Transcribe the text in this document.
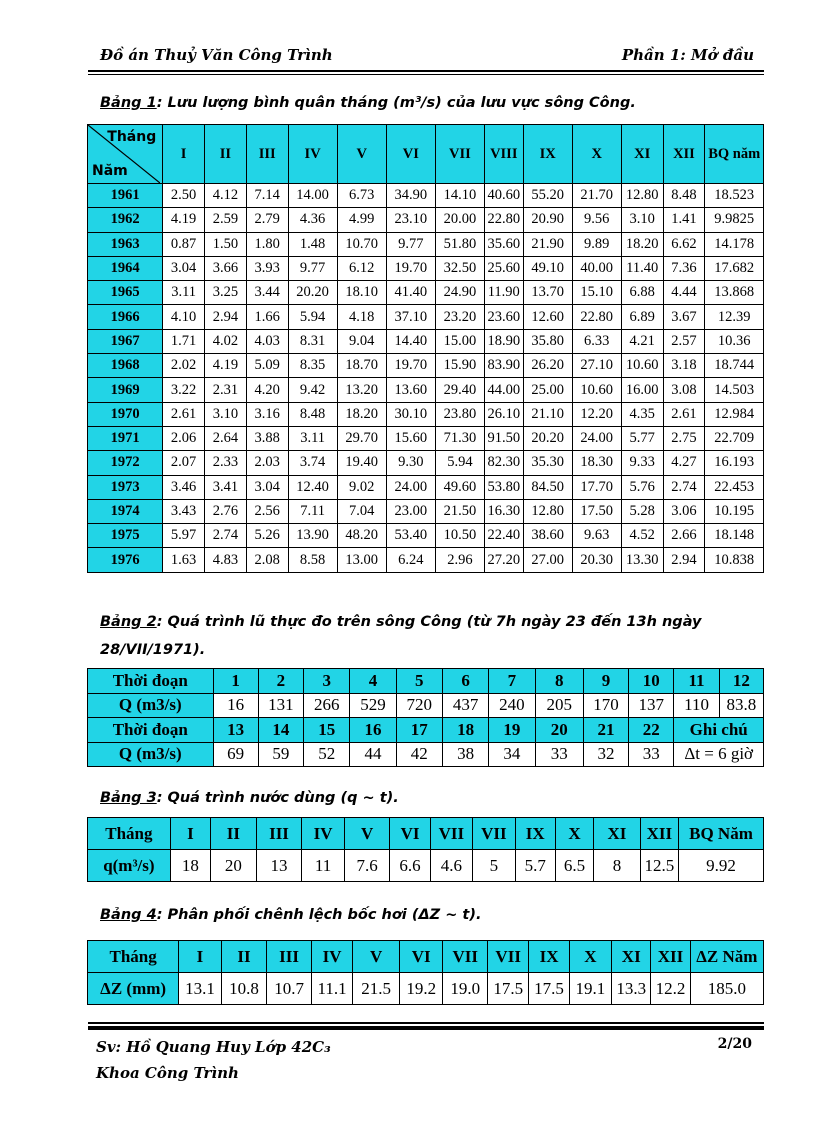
Đồ án Thuỷ Văn Công Trình	Phần 1: Mở đầu
Bảng 1: Lưu lượng bình quân tháng (m³/s) của lưu vực sông Công.
Tháng
Năm	I	II	III	IV	V	VI	VII	VIII	IX	X	XI	XII	BQ năm
1961	2.50	4.12	7.14	14.00	6.73	34.90	14.10	40.60	55.20	21.70	12.80	8.48	18.523
1962	4.19	2.59	2.79	4.36	4.99	23.10	20.00	22.80	20.90	9.56	3.10	1.41	9.9825
1963	0.87	1.50	1.80	1.48	10.70	9.77	51.80	35.60	21.90	9.89	18.20	6.62	14.178
1964	3.04	3.66	3.93	9.77	6.12	19.70	32.50	25.60	49.10	40.00	11.40	7.36	17.682
1965	3.11	3.25	3.44	20.20	18.10	41.40	24.90	11.90	13.70	15.10	6.88	4.44	13.868
1966	4.10	2.94	1.66	5.94	4.18	37.10	23.20	23.60	12.60	22.80	6.89	3.67	12.39
1967	1.71	4.02	4.03	8.31	9.04	14.40	15.00	18.90	35.80	6.33	4.21	2.57	10.36
1968	2.02	4.19	5.09	8.35	18.70	19.70	15.90	83.90	26.20	27.10	10.60	3.18	18.744
1969	3.22	2.31	4.20	9.42	13.20	13.60	29.40	44.00	25.00	10.60	16.00	3.08	14.503
1970	2.61	3.10	3.16	8.48	18.20	30.10	23.80	26.10	21.10	12.20	4.35	2.61	12.984
1971	2.06	2.64	3.88	3.11	29.70	15.60	71.30	91.50	20.20	24.00	5.77	2.75	22.709
1972	2.07	2.33	2.03	3.74	19.40	9.30	5.94	82.30	35.30	18.30	9.33	4.27	16.193
1973	3.46	3.41	3.04	12.40	9.02	24.00	49.60	53.80	84.50	17.70	5.76	2.74	22.453
1974	3.43	2.76	2.56	7.11	7.04	23.00	21.50	16.30	12.80	17.50	5.28	3.06	10.195
1975	5.97	2.74	5.26	13.90	48.20	53.40	10.50	22.40	38.60	9.63	4.52	2.66	18.148
1976	1.63	4.83	2.08	8.58	13.00	6.24	2.96	27.20	27.00	20.30	13.30	2.94	10.838
Bảng 2: Quá trình lũ thực đo trên sông Công (từ 7h ngày 23 đến 13h ngày
28/VII/1971).
Thời đoạn	1	2	3	4	5	6	7	8	9	10	11	12
Q (m3/s)	16	131	266	529	720	437	240	205	170	137	110	83.8
Thời đoạn	13	14	15	16	17	18	19	20	21	22	Ghi chú	
Q (m3/s)	69	59	52	44	42	38	34	33	32	33	Δt = 6 giờ	
Bảng 3: Quá trình nước dùng (q ~ t).
Tháng	I	II	III	IV	V	VI	VII	VII	IX	X	XI	XII	BQ Năm
q(m³/s)	18	20	13	11	7.6	6.6	4.6	5	5.7	6.5	8	12.5	9.92
Bảng 4: Phân phối chênh lệch bốc hơi (ΔZ ~ t).
Tháng	I	II	III	IV	V	VI	VII	VII	IX	X	XI	XII	ΔZ Năm
ΔZ (mm)	13.1	10.8	10.7	11.1	21.5	19.2	19.0	17.5	17.5	19.1	13.3	12.2	185.0
Sv: Hồ Quang Huy Lớp 42C₃
Khoa Công Trình
2/20
